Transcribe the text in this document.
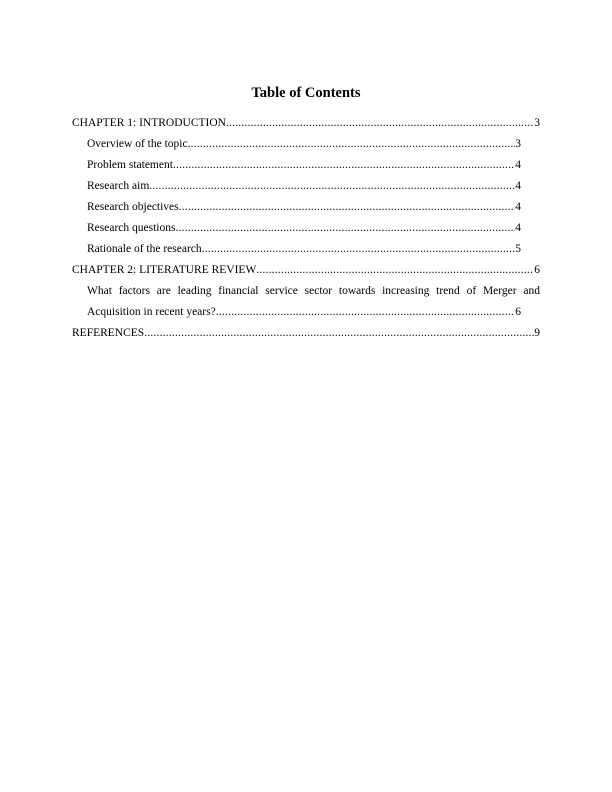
Table of Contents
CHAPTER 1: INTRODUCTION .....	3
Overview of the topic .....	3
Problem statement .....	4
Research aim .....	4
Research objectives .....	4
Research questions .....	4
Rationale of the research .....	5
CHAPTER 2: LITERATURE REVIEW .....	6
What factors are leading financial service sector towards increasing trend of Merger and
Acquisition in recent years? .....	6
REFERENCES .....	9
